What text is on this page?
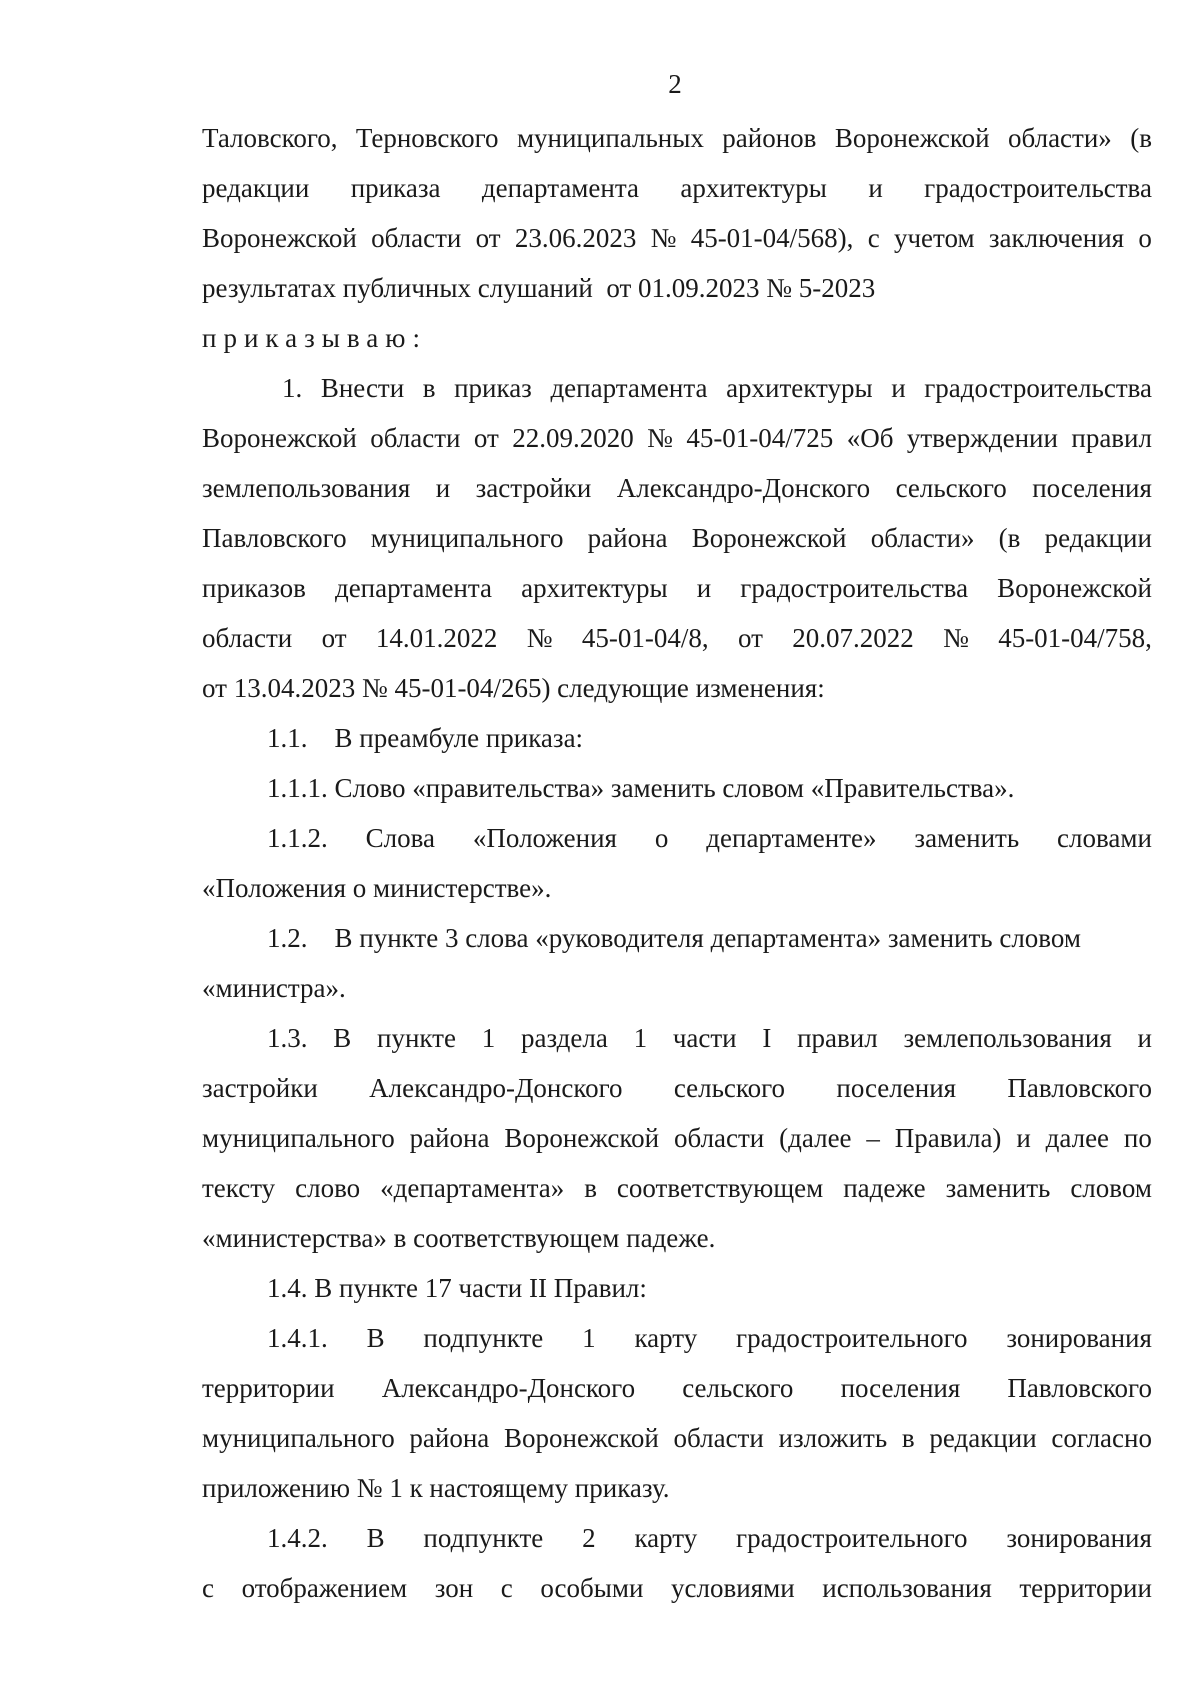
2
Таловского, Терновского муниципальных районов Воронежской области» (в
редакции приказа департамента архитектуры и градостроительства
Воронежской области от 23.06.2023 № 45-01-04/568), с учетом заключения о
результатах публичных слушаний  от 01.09.2023 № 5-2023
приказываю:
1. Внести в приказ департамента архитектуры и градостроительства
Воронежской области от 22.09.2020 № 45-01-04/725 «Об утверждении правил
землепользования и застройки Александро-Донского сельского поселения
Павловского муниципального района Воронежской области» (в редакции
приказов департамента архитектуры и градостроительства Воронежской
области от 14.01.2022 № 45-01-04/8, от 20.07.2022 № 45-01-04/758,
от 13.04.2023 № 45-01-04/265) следующие изменения:
1.1.    В преамбуле приказа:
1.1.1. Слово «правительства» заменить словом «Правительства».
1.1.2. Слова «Положения о департаменте» заменить словами
«Положения о министерстве».
1.2.    В пункте 3 слова «руководителя департамента» заменить словом
«министра».
1.3. В пункте 1 раздела 1 части I правил землепользования и
застройки Александро-Донского сельского поселения Павловского
муниципального района Воронежской области (далее – Правила) и далее по
тексту слово «департамента» в соответствующем падеже заменить словом
«министерства» в соответствующем падеже.
1.4. В пункте 17 части II Правил:
1.4.1. В подпункте 1 карту градостроительного зонирования
территории Александро-Донского сельского поселения Павловского
муниципального района Воронежской области изложить в редакции согласно
приложению № 1 к настоящему приказу.
1.4.2. В подпункте 2 карту градостроительного зонирования
с отображением зон с особыми условиями использования территории
